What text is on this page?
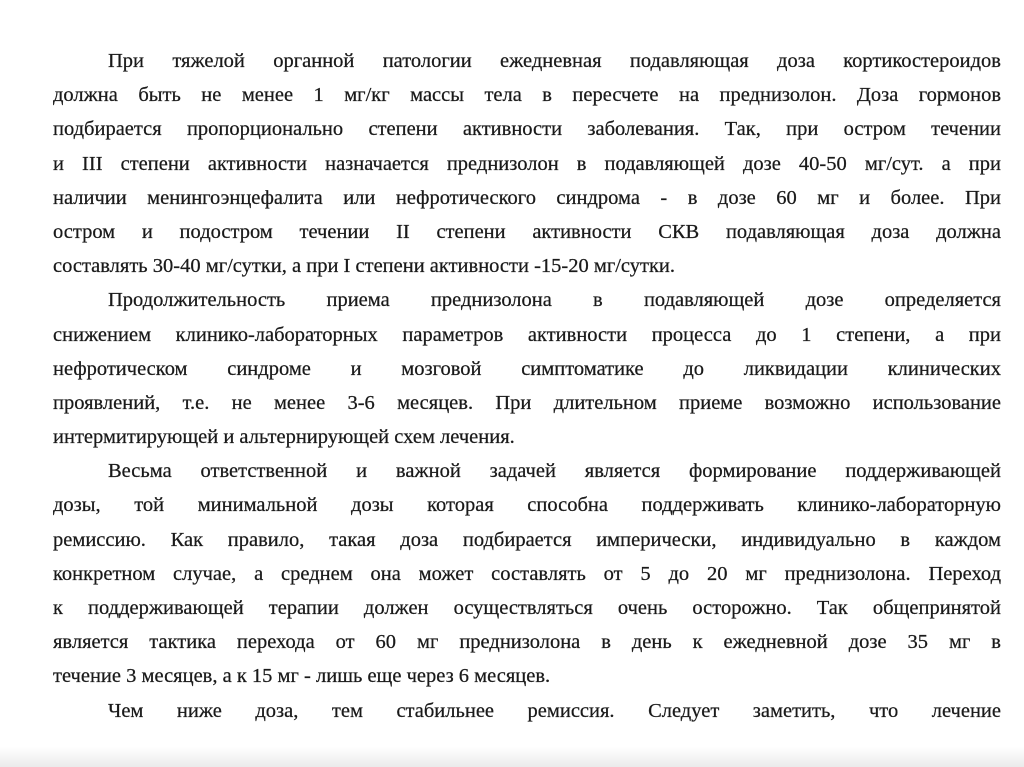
При тяжелой органной патологии ежедневная подавляющая доза кортикостероидов
должна быть не менее 1 мг/кг массы тела в пересчете на преднизолон. Доза гормонов
подбирается пропорционально степени активности заболевания. Так, при остром течении
и III степени активности назначается преднизолон в подавляющей дозе 40-50 мг/сут. а при
наличии менингоэнцефалита или нефротического синдрома - в дозе 60 мг и более. При
остром и подостром течении II степени активности СКВ подавляющая доза должна
составлять 30-40 мг/сутки, а при I степени активности -15-20 мг/сутки.
Продолжительность приема преднизолона в подавляющей дозе определяется
снижением клинико-лабораторных параметров активности процесса до 1 степени, а при
нефротическом синдроме и мозговой симптоматике до ликвидации клинических
проявлений, т.е. не менее 3-6 месяцев. При длительном приеме возможно использование
интермитирующей и альтернирующей схем лечения.
Весьма ответственной и важной задачей является формирование поддерживающей
дозы, той минимальной дозы которая способна поддерживать клинико-лабораторную
ремиссию. Как правило, такая доза подбирается имперически, индивидуально в каждом
конкретном случае, а среднем она может составлять от 5 до 20 мг преднизолона. Переход
к поддерживающей терапии должен осуществляться очень осторожно. Так общепринятой
является тактика перехода от 60 мг преднизолона в день к ежедневной дозе 35 мг в
течение 3 месяцев, а к 15 мг - лишь еще через 6 месяцев.
Чем ниже доза, тем стабильнее ремиссия. Следует заметить, что лечение
